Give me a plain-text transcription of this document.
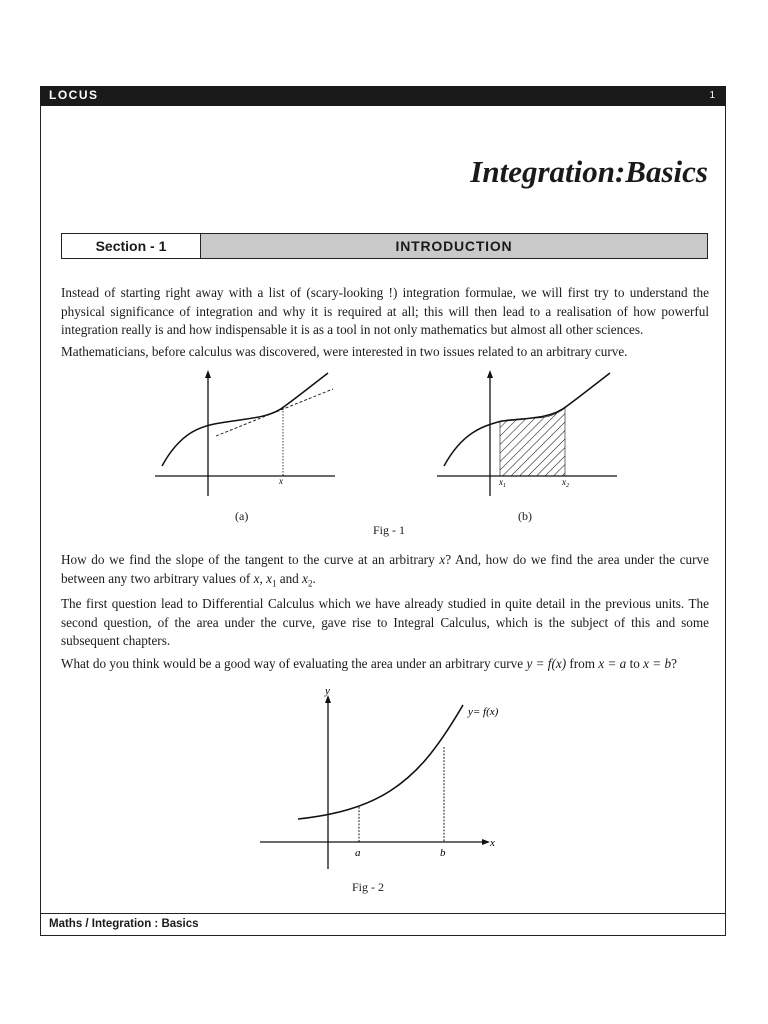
LOCUS	1
Integration:Basics
Section - 1	INTRODUCTION

Instead of starting right away with a list of (scary-looking !) integration formulae, we will first try to understand the physical significance of integration and why it is required at all; this will then lead to a realisation of how powerful integration really is and how indispensable it is as a tool in not only mathematics but almost all other sciences.

Mathematicians, before calculus was discovered, were interested in two issues related to an arbitrary curve.

x
(a)
$x_1$	$x_2$
(b)
Fig - 1

How do we find the slope of the tangent to the curve at an arbitrary x? And, how do we find the area under the curve between any two arbitrary values of x, $x_1$ and $x_2$.

The first question lead to Differential Calculus which we have already studied in quite detail in the previous units. The second question, of the area under the curve, gave rise to Integral Calculus, which is the subject of this and some subsequent chapters.

What do you think would be a good way of evaluating the area under an arbitrary curve y = f(x) from x = a to x = b?

y
x
a	b
y= f(x)
Fig - 2
Maths / Integration : Basics
